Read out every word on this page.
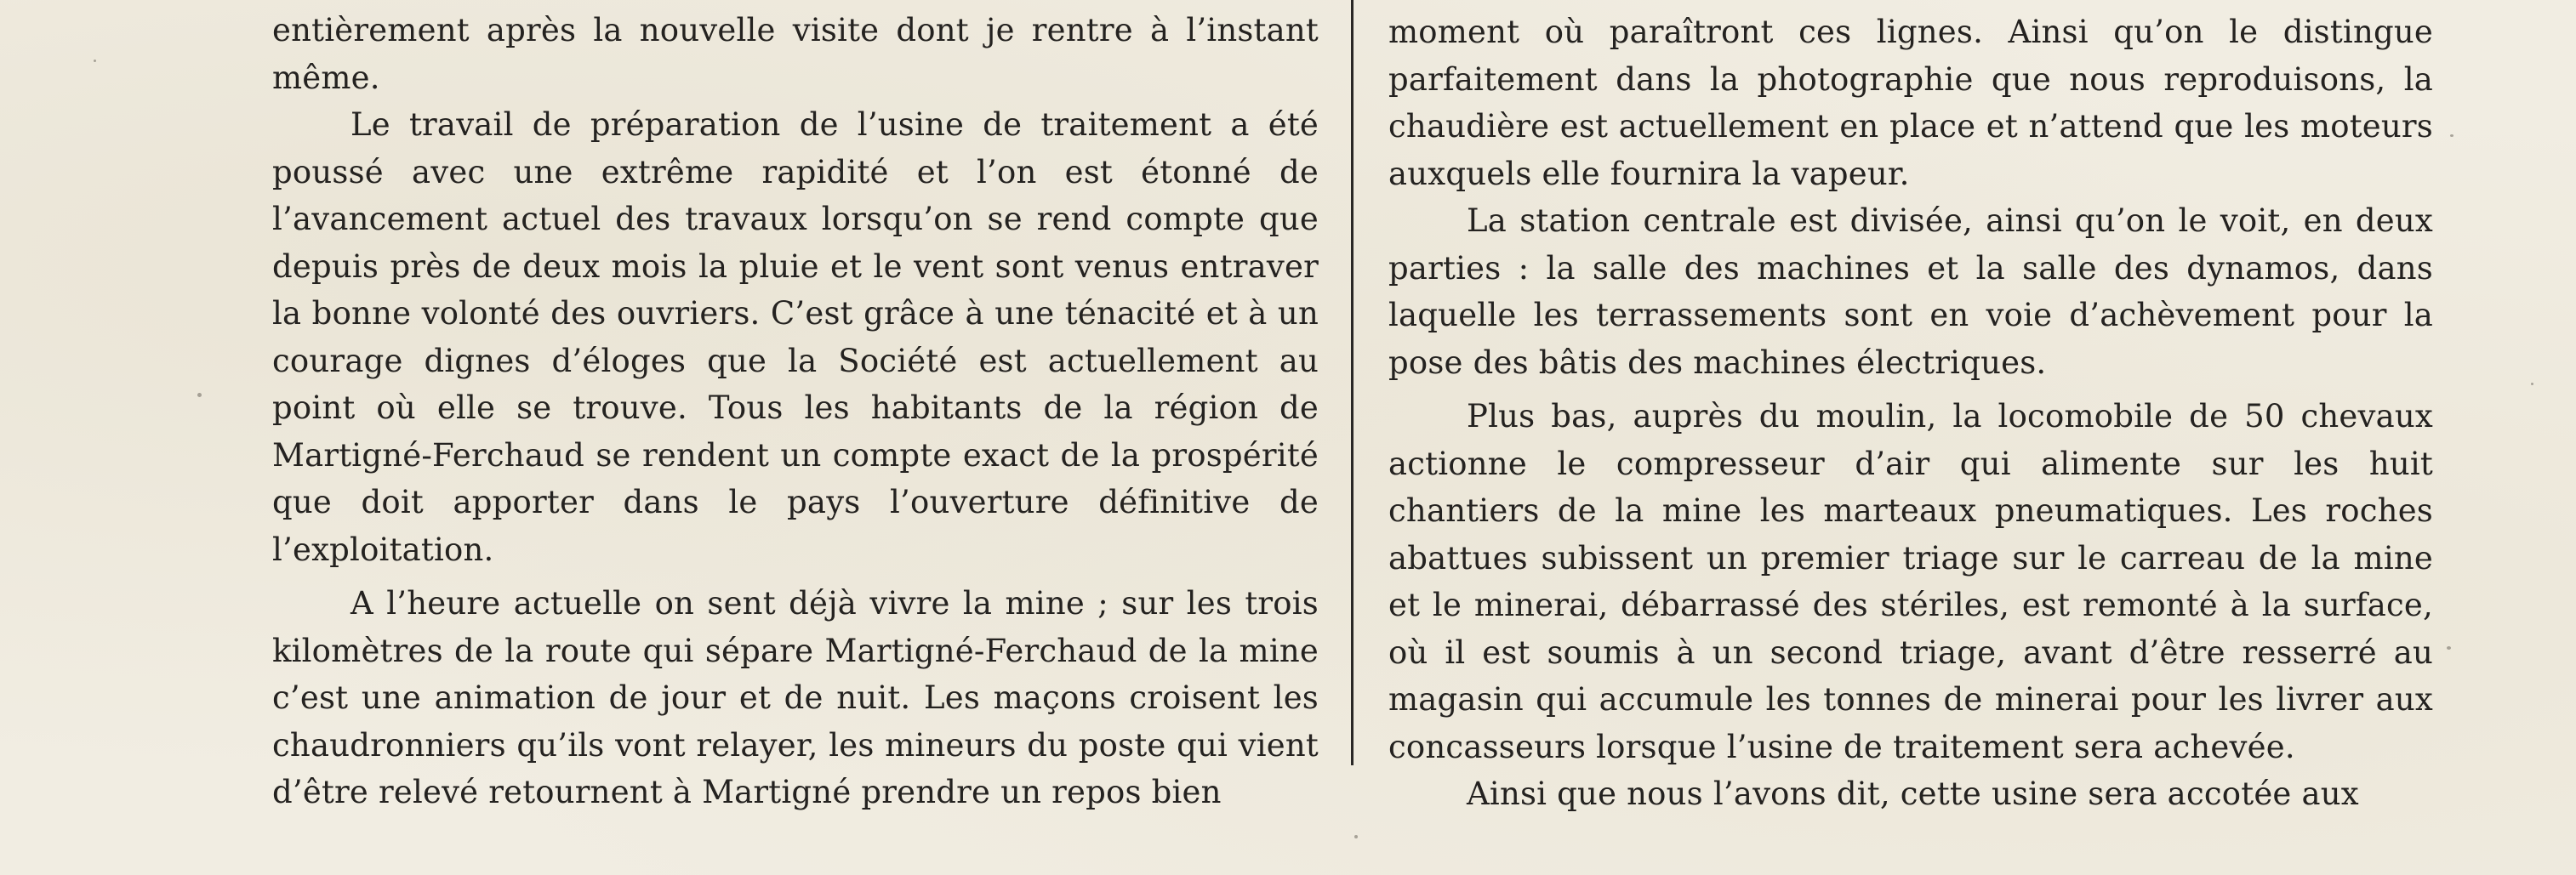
entièrement après la nouvelle visite dont je rentre à l’instant même.

Le travail de préparation de l’usine de traitement a été poussé avec une extrême rapidité et l’on est étonné de l’avancement actuel des travaux lorsqu’on se rend compte que depuis près de deux mois la pluie et le vent sont venus entraver la bonne volonté des ouvriers. C’est grâce à une ténacité et à un courage dignes d’éloges que la Société est actuellement au point où elle se trouve. Tous les habitants de la région de Martigné-Ferchaud se rendent un compte exact de la prospérité que doit apporter dans le pays l’ouverture définitive de l’exploitation.

A l’heure actuelle on sent déjà vivre la mine ; sur les trois kilomètres de la route qui sépare Martigné-Ferchaud de la mine c’est une animation de jour et de nuit. Les maçons croisent les chaudronniers qu’ils vont relayer, les mineurs du poste qui vient d’être relevé retournent à Martigné prendre un repos bien

moment où paraîtront ces lignes. Ainsi qu’on le distingue parfaitement dans la photographie que nous reproduisons, la chaudière est actuellement en place et n’attend que les moteurs auxquels elle fournira la vapeur.

La station centrale est divisée, ainsi qu’on le voit, en deux parties : la salle des machines et la salle des dynamos, dans laquelle les terrassements sont en voie d’achèvement pour la pose des bâtis des machines électriques.

Plus bas, auprès du moulin, la locomobile de 50 chevaux actionne le compresseur d’air qui alimente sur les huit chantiers de la mine les marteaux pneumatiques. Les roches abattues subissent un premier triage sur le carreau de la mine et le minerai, débarrassé des stériles, est remonté à la surface, où il est soumis à un second triage, avant d’être resserré au magasin qui accumule les tonnes de minerai pour les livrer aux concasseurs lorsque l’usine de traitement sera achevée.

Ainsi que nous l’avons dit, cette usine sera accotée aux
